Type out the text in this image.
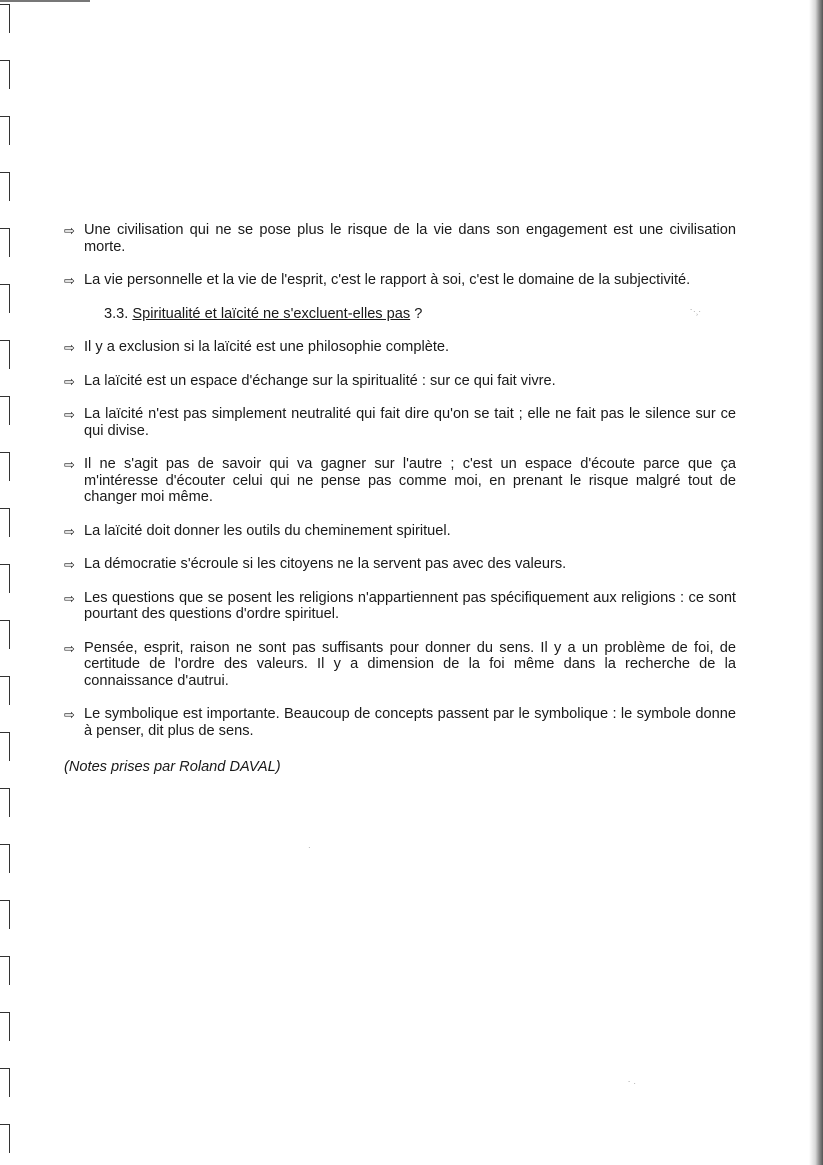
⇨ Une civilisation qui ne se pose plus le risque de la vie dans son engagement est une civilisation morte.
⇨ La vie personnelle et la vie de l'esprit, c'est le rapport à soi, c'est le domaine de la subjectivité.
3.3. Spiritualité et laïcité ne s'excluent-elles pas ?
⇨ Il y a exclusion si la laïcité est une philosophie complète.
⇨ La laïcité est un espace d'échange sur la spiritualité : sur ce qui fait vivre.
⇨ La laïcité n'est pas simplement neutralité qui fait dire qu'on se tait ; elle ne fait pas le silence sur ce qui divise.
⇨ Il ne s'agit pas de savoir qui va gagner sur l'autre ; c'est un espace d'écoute parce que ça m'intéresse d'écouter celui qui ne pense pas comme moi, en prenant le risque malgré tout de changer moi même.
⇨ La laïcité doit donner les outils du cheminement spirituel.
⇨ La démocratie s'écroule si les citoyens ne la servent pas avec des valeurs.
⇨ Les questions que se posent les religions n'appartiennent pas spécifiquement aux religions : ce sont pourtant des questions d'ordre spirituel.
⇨ Pensée, esprit, raison ne sont pas suffisants pour donner du sens. Il y a un problème de foi, de certitude de l'ordre des valeurs. Il y a dimension de la foi même dans la recherche de la connaissance d'autrui.
⇨ Le symbolique est importante. Beaucoup de concepts passent par le symbolique : le symbole donne à penser, dit plus de sens.
(Notes prises par Roland DAVAL)
˙ˑ˒ˑ
ˑ
˙ ˑ
